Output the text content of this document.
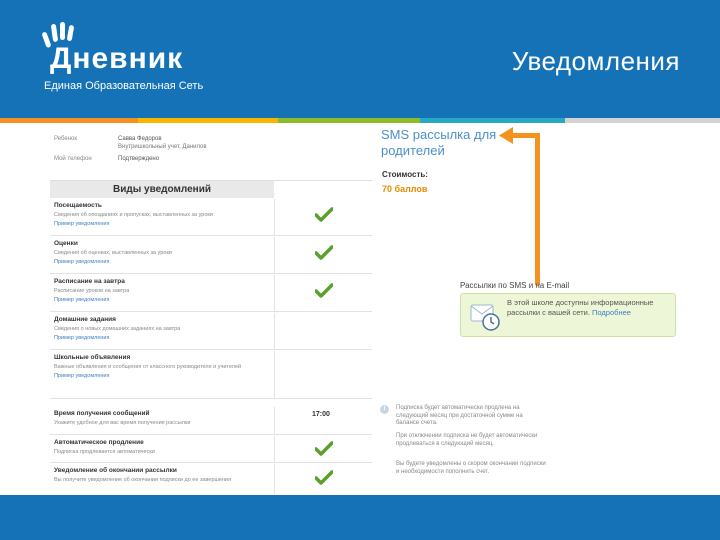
Дневник
Единая Образовательная Сеть
Уведомления
Ребенок	Савва Федоров
Внутришкольный учет, Данилов
Мой телефон	Подтверждено
Виды уведомлений
Посещаемость
Сведения об опозданиях и пропусках, выставленных за уроки
Пример уведомления
Оценки
Сведения об оценках, выставленных за уроки
Пример уведомления
Расписание на завтра
Расписание уроков на завтра
Пример уведомления
Домашние задания
Сведения о новых домашних заданиях на завтра
Пример уведомления
Школьные объявления
Важные объявления и сообщения от классного руководителя и учителей
Пример уведомления
Время получения сообщений
Укажите удобное для вас время получения рассылки
17:00
Автоматическое продление
Подписка продлевается автоматически
Уведомление об окончании рассылки
Вы получите уведомление об окончании подписки до ее завершения
SMS рассылка для родителей
Стоимость:
70 баллов
Рассылки по SMS и на E-mail
В этой школе доступны информационные рассылки с вашей сети. Подробнее
i	Подписка будет автоматически продлена на следующий месяц при достаточной сумме на балансе счета.
При отключении подписка не будет автоматически продлеваться в следующий месяц.
Вы будете уведомлены о скором окончании подписки и необходимости пополнить счет.
